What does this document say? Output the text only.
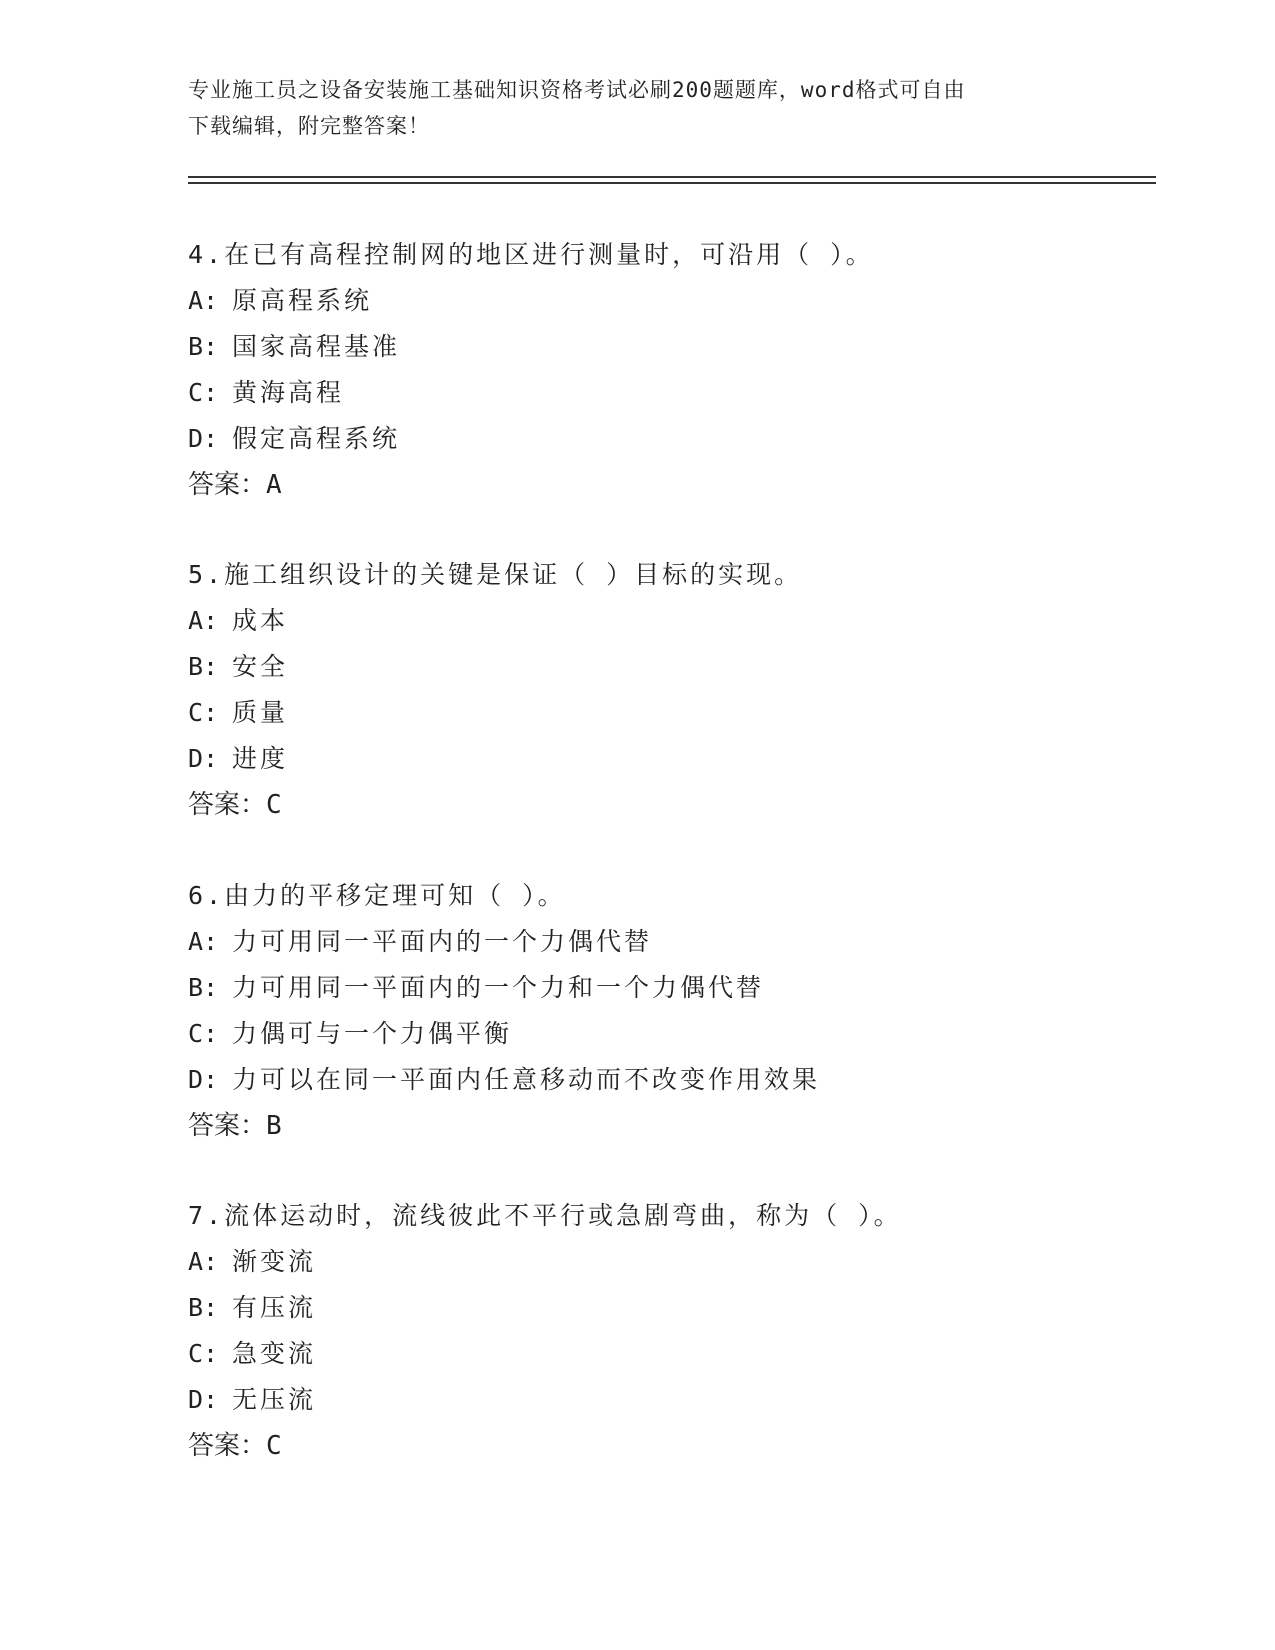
专业施工员之设备安装施工基础知识资格考试必刷200题题库，word格式可自由
下载编辑，附完整答案！
4.在已有高程控制网的地区进行测量时，可沿用（ ）。
A: 原高程系统
B: 国家高程基准
C: 黄海高程
D: 假定高程系统
答案：A
5.施工组织设计的关键是保证（ ）目标的实现。
A: 成本
B: 安全
C: 质量
D: 进度
答案：C
6.由力的平移定理可知（ ）。
A: 力可用同一平面内的一个力偶代替
B: 力可用同一平面内的一个力和一个力偶代替
C: 力偶可与一个力偶平衡
D: 力可以在同一平面内任意移动而不改变作用效果
答案：B
7.流体运动时，流线彼此不平行或急剧弯曲，称为（ ）。
A: 渐变流
B: 有压流
C: 急变流
D: 无压流
答案：C
